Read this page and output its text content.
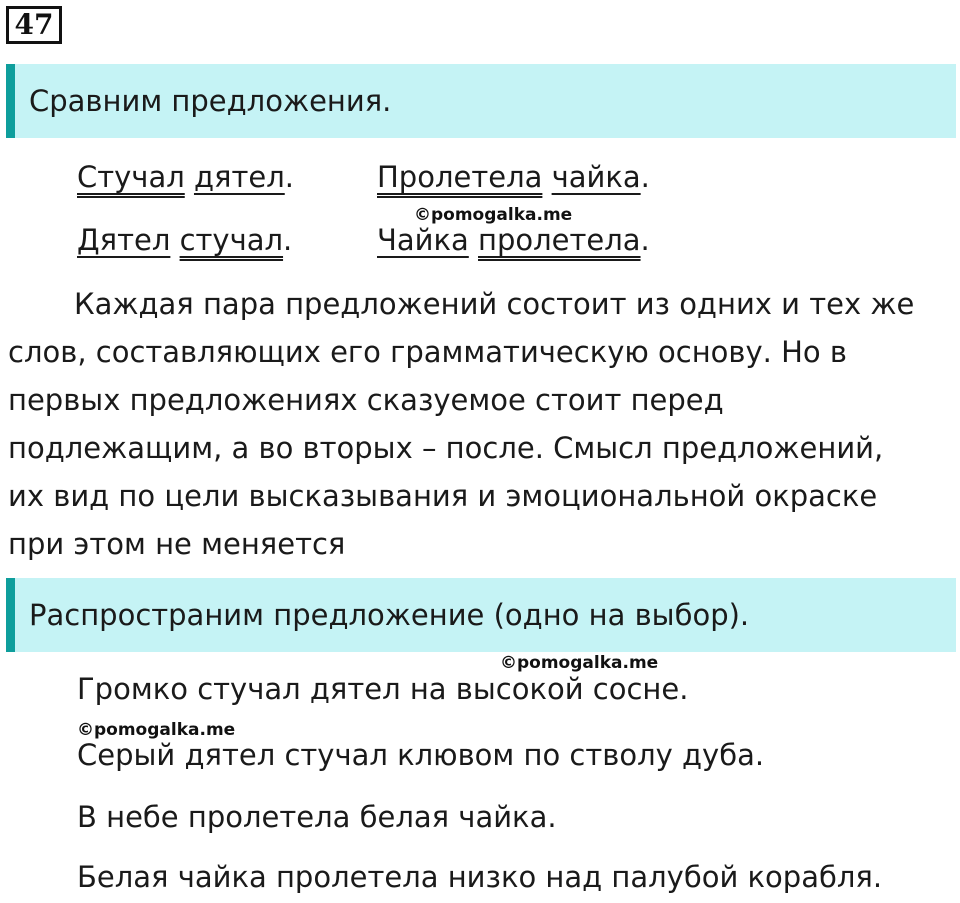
47
Сравним предложения.
Стучал дятел.	Пролетела чайка.
©pomogalka.me
Дятел стучал.	Чайка пролетела.
Каждая пара предложений состоит из одних и тех же
слов, составляющих его грамматическую основу. Но в
первых предложениях сказуемое стоит перед
подлежащим, а во вторых – после. Смысл предложений,
их вид по цели высказывания и эмоциональной окраске
при этом не меняется
Распространим предложение (одно на выбор).
©pomogalka.me
Громко стучал дятел на высокой сосне.
©pomogalka.me
Серый дятел стучал клювом по стволу дуба.
В небе пролетела белая чайка.
Белая чайка пролетела низко над палубой корабля.
